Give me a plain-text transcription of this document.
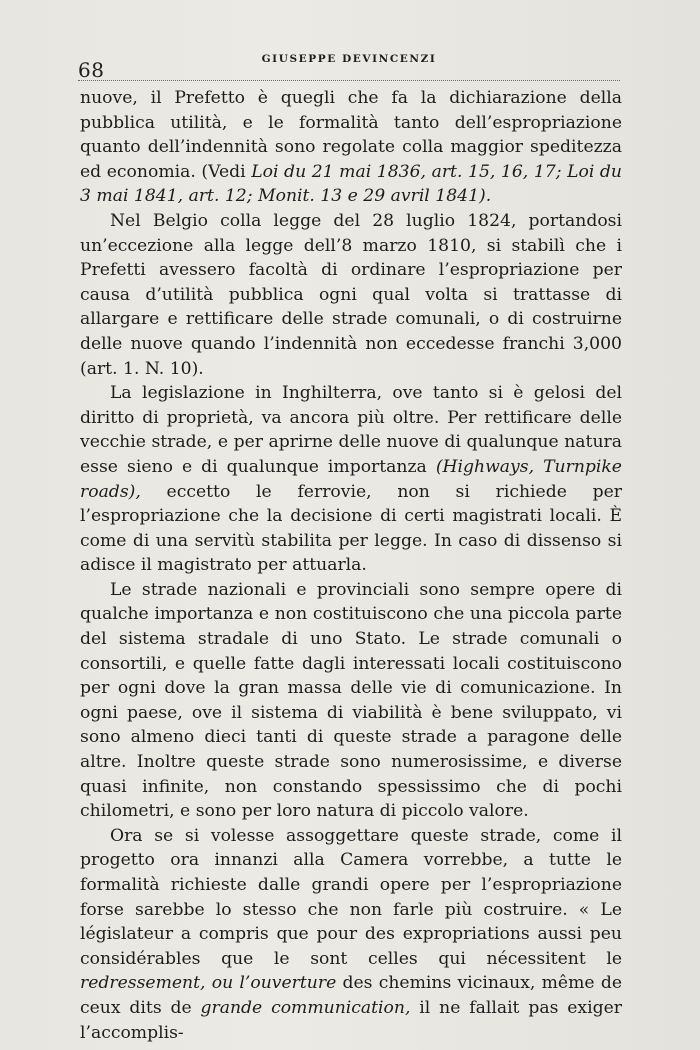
68	GIUSEPPE DEVINCENZI

nuove, il Prefetto è quegli che fa la dichiarazione della pubblica utilità, e le formalità tanto dell’espropriazione quanto dell’indennità sono regolate colla maggior speditezza ed economia. (Vedi Loi du 21 mai 1836, art. 15, 16, 17; Loi du 3 mai 1841, art. 12; Monit. 13 e 29 avril 1841).

Nel Belgio colla legge del 28 luglio 1824, portandosi un’eccezione alla legge dell’8 marzo 1810, si stabilì che i Prefetti avessero facoltà di ordinare l’espropriazione per causa d’utilità pubblica ogni qual volta si trattasse di allargare e rettificare delle strade comunali, o di costruirne delle nuove quando l’indennità non eccedesse franchi 3,000 (art. 1. N. 10).

La legislazione in Inghilterra, ove tanto si è gelosi del diritto di proprietà, va ancora più oltre. Per rettificare delle vecchie strade, e per aprirne delle nuove di qualunque natura esse sieno e di qualunque importanza (Highways, Turnpike roads), eccetto le ferrovie, non si richiede per l’espropriazione che la decisione di certi magistrati locali. È come di una servitù stabilita per legge. In caso di dissenso si adisce il magistrato per attuarla.

Le strade nazionali e provinciali sono sempre opere di qualche importanza e non costituiscono che una piccola parte del sistema stradale di uno Stato. Le strade comunali o consortili, e quelle fatte dagli interessati locali costituiscono per ogni dove la gran massa delle vie di comunicazione. In ogni paese, ove il sistema di viabilità è bene sviluppato, vi sono almeno dieci tanti di queste strade a paragone delle altre. Inoltre queste strade sono numerosissime, e diverse quasi infinite, non constando spessissimo che di pochi chilometri, e sono per loro natura di piccolo valore.

Ora se si volesse assoggettare queste strade, come il progetto ora innanzi alla Camera vorrebbe, a tutte le formalità richieste dalle grandi opere per l’espropriazione forse sarebbe lo stesso che non farle più costruire. « Le législateur a compris que pour des expropriations aussi peu considérables que le sont celles qui nécessitent le redressement, ou l’ouverture des chemins vicinaux, même de ceux dits de grande communication, il ne fallait pas exiger l’accomplis-
